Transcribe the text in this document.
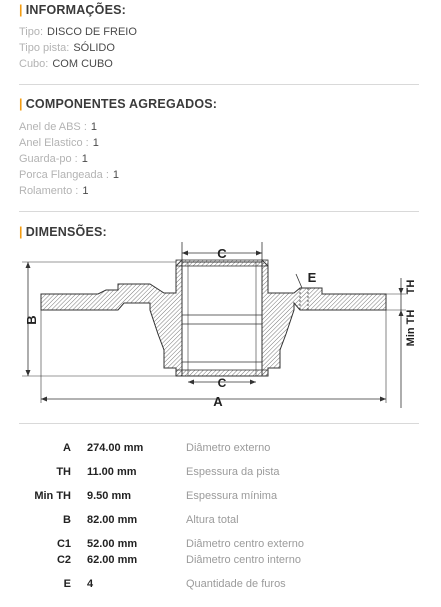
| INFORMAÇÕES:
Tipo: DISCO DE FREIO
Tipo pista: SÓLIDO
Cubo: COM CUBO
| COMPONENTES AGREGADOS:
Anel de ABS : 1
Anel Elastico : 1
Guarda-po : 1
Porca Flangeada : 1
Rolamento : 1
| DIMENSÕES:
C
C
E
B
A
TH
Min TH
A 274.00 mm	Diâmetro externo
TH 11.00 mm	Espessura da pista
Min TH 9.50 mm	Espessura mínima
B 82.00 mm	Altura total
C1 52.00 mm	Diâmetro centro externo
C2 62.00 mm	Diâmetro centro interno
E 4	Quantidade de furos
